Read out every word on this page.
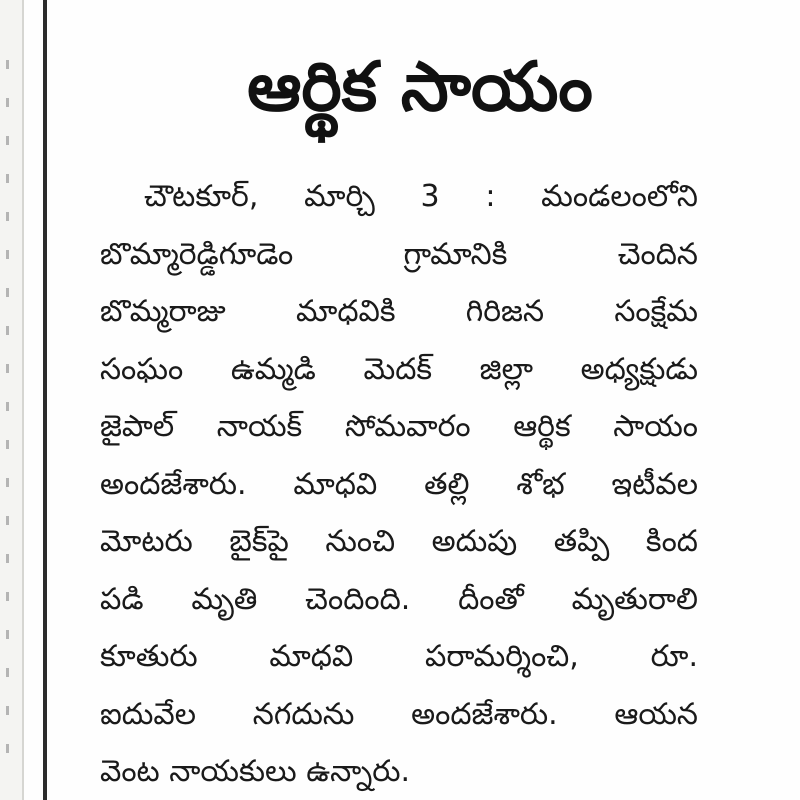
ఆర్థిక సాయం
చౌటకూర్, మార్చి 3 : మండలంలోని
బొమ్మారెడ్డిగూడెం గ్రామానికి చెందిన
బొమ్మరాజు మాధవికి గిరిజన సంక్షేమ
సంఘం ఉమ్మడి మెదక్ జిల్లా అధ్యక్షుడు
జైపాల్ నాయక్ సోమవారం ఆర్థిక సాయం
అందజేశారు. మాధవి తల్లి శోభ ఇటీవల
మోటరు బైక్‌పై నుంచి అదుపు తప్పి కింద
పడి మృతి చెందింది. దీంతో మృతురాలి
కూతురు మాధవి పరామర్శించి, రూ.
ఐదువేల నగదును అందజేశారు. ఆయన
వెంట నాయకులు ఉన్నారు.
